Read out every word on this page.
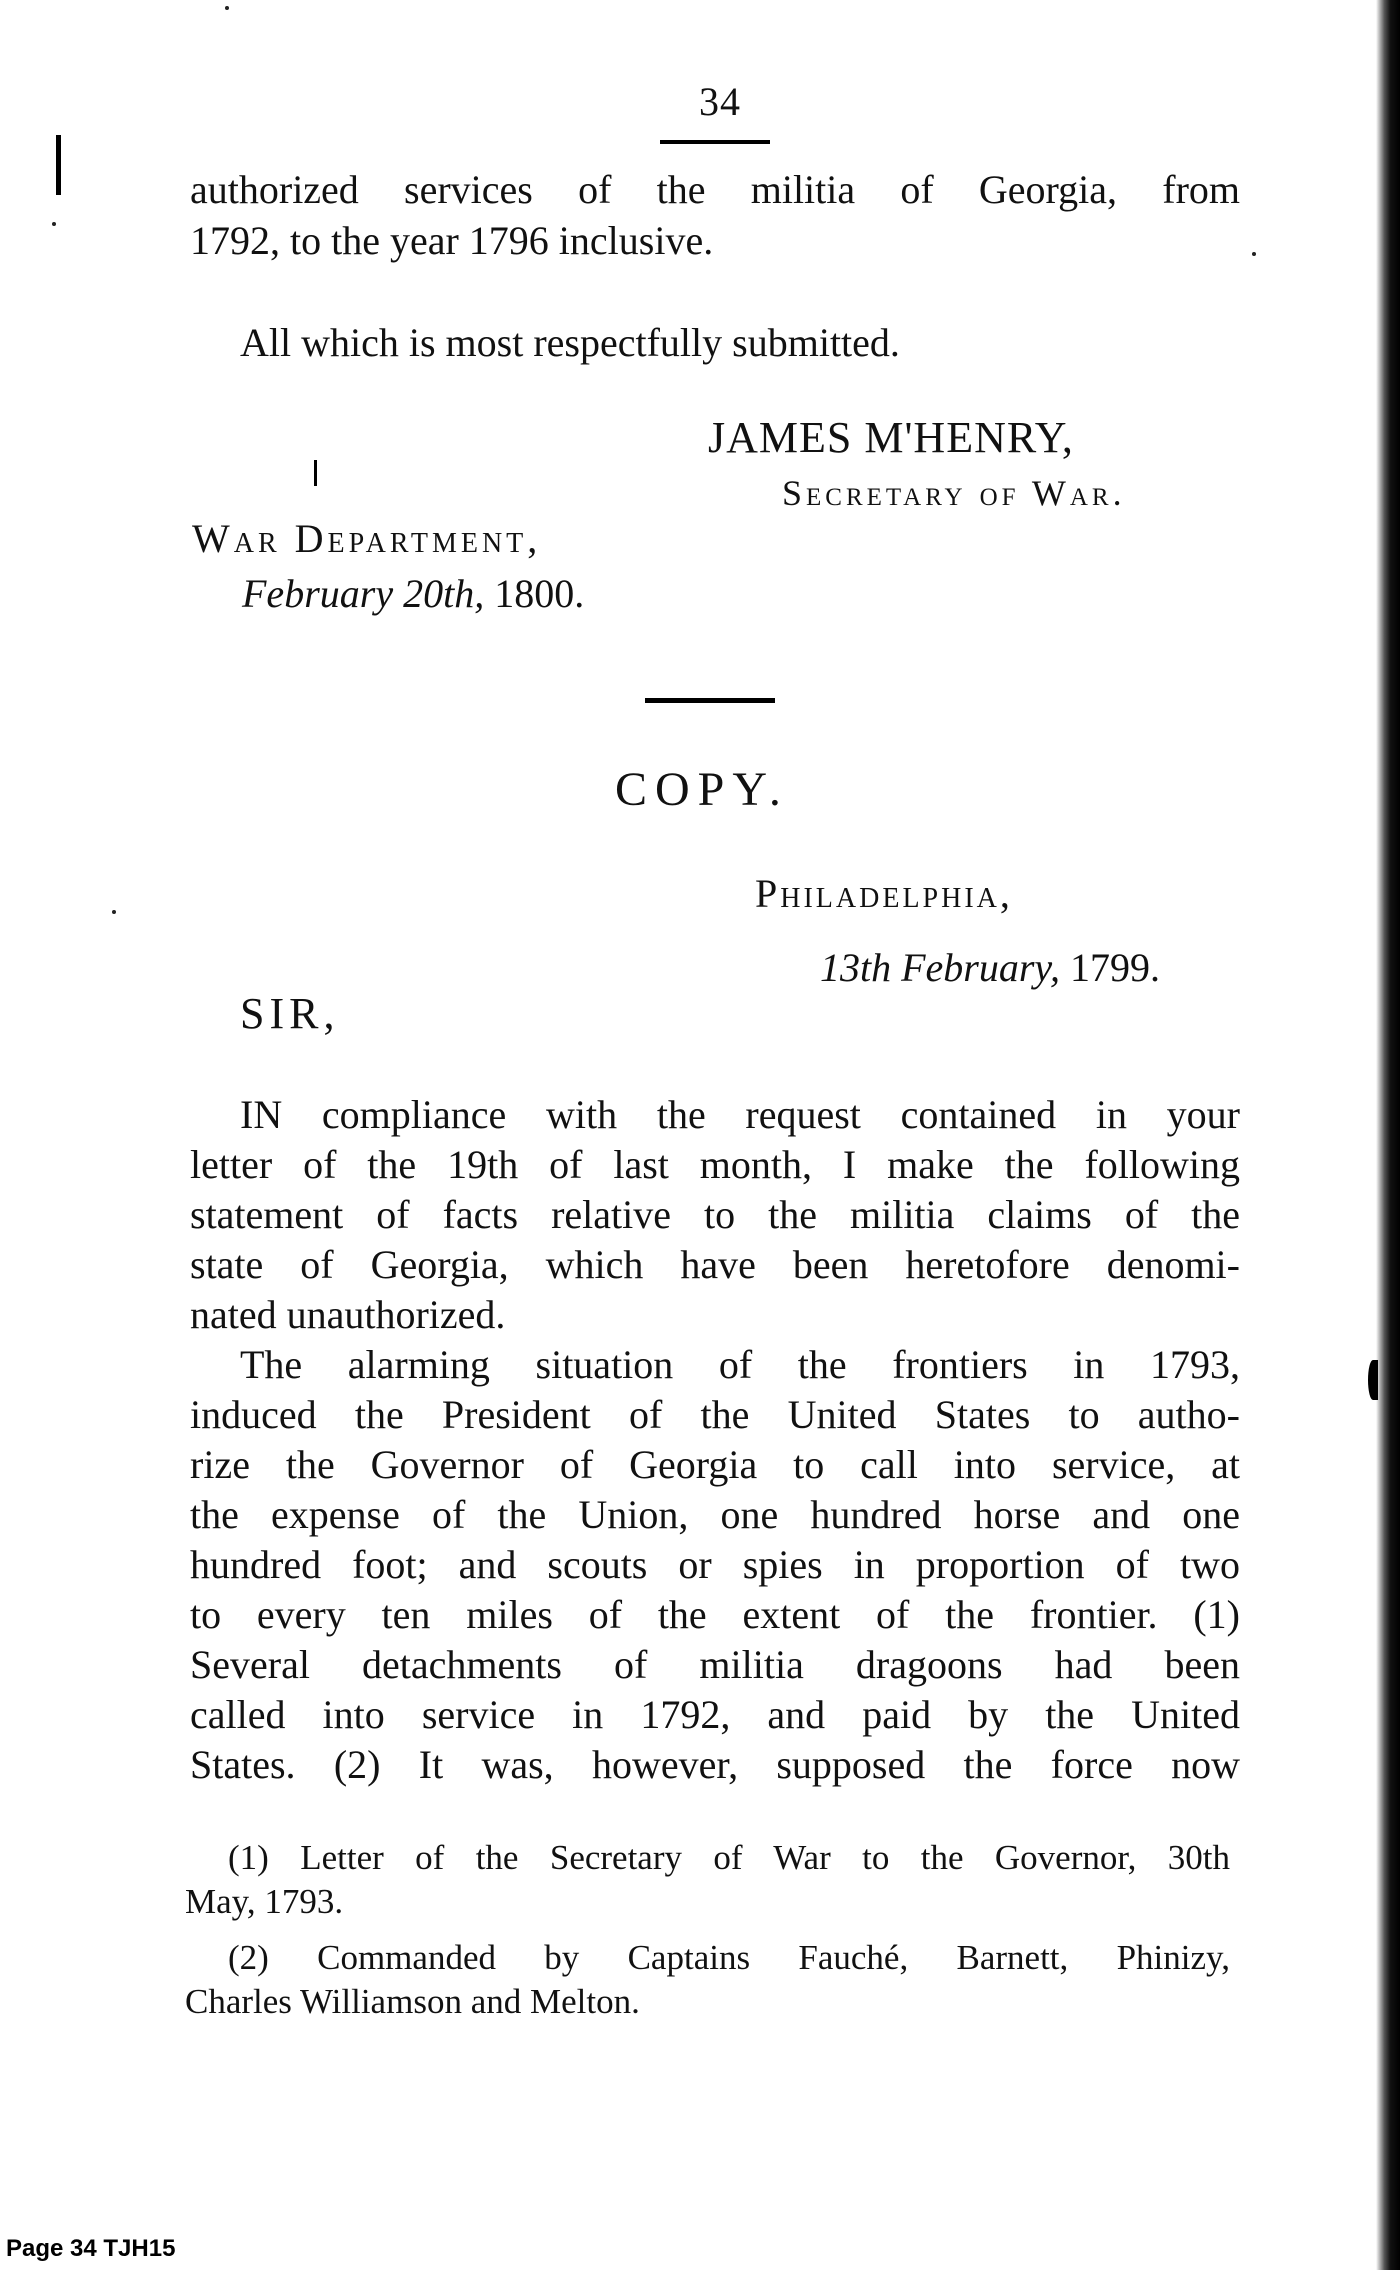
34
authorized services of the militia of Georgia, from
1792, to the year 1796 inclusive.
All which is most respectfully submitted.
JAMES M'HENRY,
Secretary of War.
War Department,
February 20th, 1800.
COPY.
Philadelphia,
13th February, 1799.
SIR,
IN compliance with the request contained in your
letter of the 19th of last month, I make the following
statement of facts relative to the militia claims of the
state of Georgia, which have been heretofore denomi-
nated unauthorized.
The alarming situation of the frontiers in 1793,
induced the President of the United States to autho-
rize the Governor of Georgia to call into service, at
the expense of the Union, one hundred horse and one
hundred foot; and scouts or spies in proportion of two
to every ten miles of the extent of the frontier. (1)
Several detachments of militia dragoons had been
called into service in 1792, and paid by the United
States. (2) It was, however, supposed the force now
(1) Letter of the Secretary of War to the Governor, 30th
May, 1793.
(2) Commanded by Captains Fauché, Barnett, Phinizy,
Charles Williamson and Melton.
Page 34 TJH15
